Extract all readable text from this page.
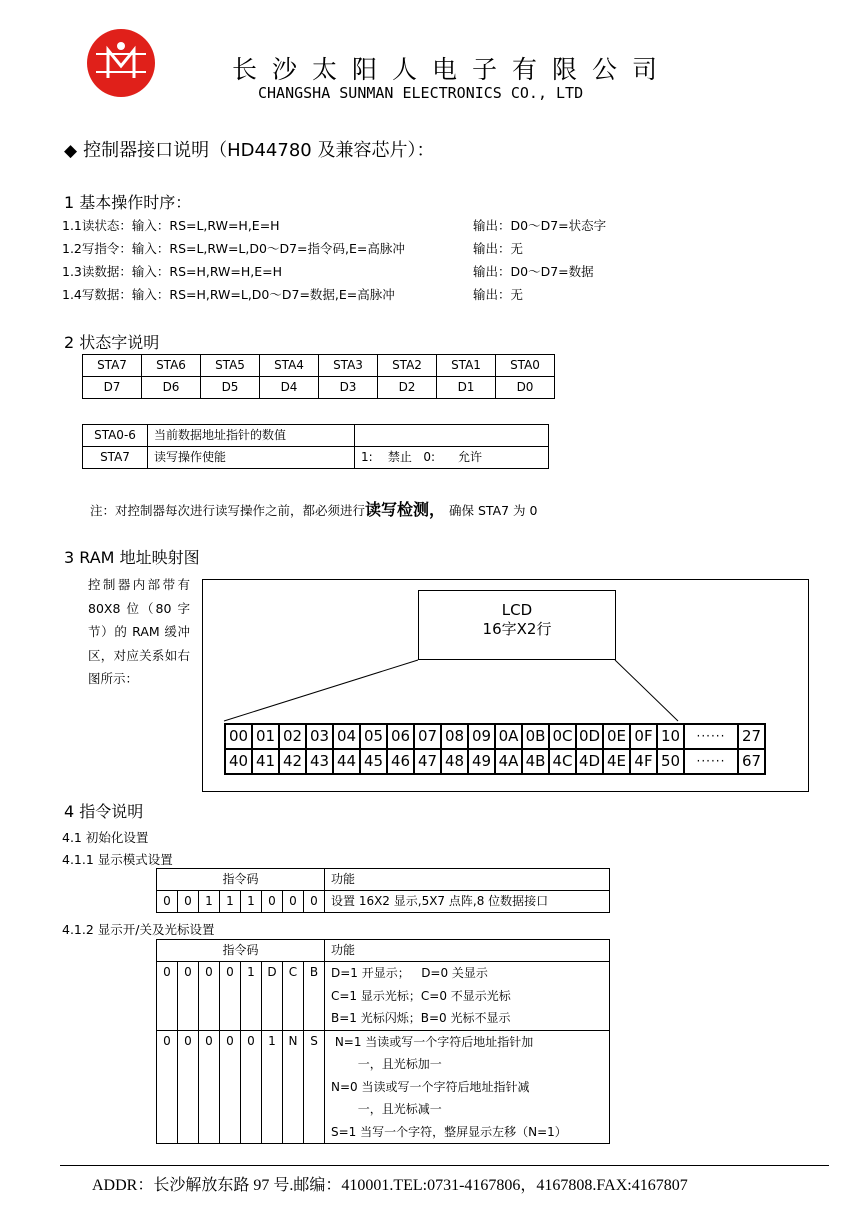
长沙太阳人电子有限公司
CHANGSHA SUNMAN ELECTRONICS CO., LTD
◆ 控制器接口说明（HD44780 及兼容芯片）：
1 基本操作时序：
1.1读状态：输入：RS=L,RW=H,E=H	输出：D0～D7=状态字
1.2写指令：输入：RS=L,RW=L,D0～D7=指令码,E=高脉冲	输出：无
1.3读数据：输入：RS=H,RW=H,E=H	输出：D0～D7=数据
1.4写数据：输入：RS=H,RW=L,D0～D7=数据,E=高脉冲	输出：无
2 状态字说明
STA7	STA6	STA5	STA4	STA3	STA2	STA1	STA0
D7	D6	D5	D4	D3	D2	D1	D0
STA0-6	当前数据地址指针的数值	
STA7	读写操作使能	1:    禁止   0:      允许
注：对控制器每次进行读写操作之前，都必须进行读写检测， 确保 STA7 为 0
3 RAM 地址映射图
控制器内部带有 80X8 位（80 字节）的 RAM 缓冲区，对应关系如右图所示：
LCD
16字X2行
00	01	02	03	04	05	06	07	08	09	0A	0B	0C	0D	0E	0F	10	······	27
40	41	42	43	44	45	46	47	48	49	4A	4B	4C	4D	4E	4F	50	······	67
4 指令说明
4.1 初始化设置
4.1.1 显示模式设置
指令码								功能
0	0	1	1	1	0	0	0	设置 16X2 显示,5X7 点阵,8 位数据接口
4.1.2 显示开/关及光标设置
指令码								功能
0	0	0	0	1	D	C	B	D=1 开显示；   D=0 关显示
C=1 显示光标；C=0 不显示光标
B=1 光标闪烁；B=0 光标不显示

0	0	0	0	0	1	N	S	N=1 当读或写一个字符后地址指针加
一，且光标加一
N=0 当读或写一个字符后地址指针减
一，且光标减一
S=1 当写一个字符，整屏显示左移（N=1）
ADDR：长沙解放东路 97 号.邮编：410001.TEL:0731-4167806，4167808.FAX:4167807
